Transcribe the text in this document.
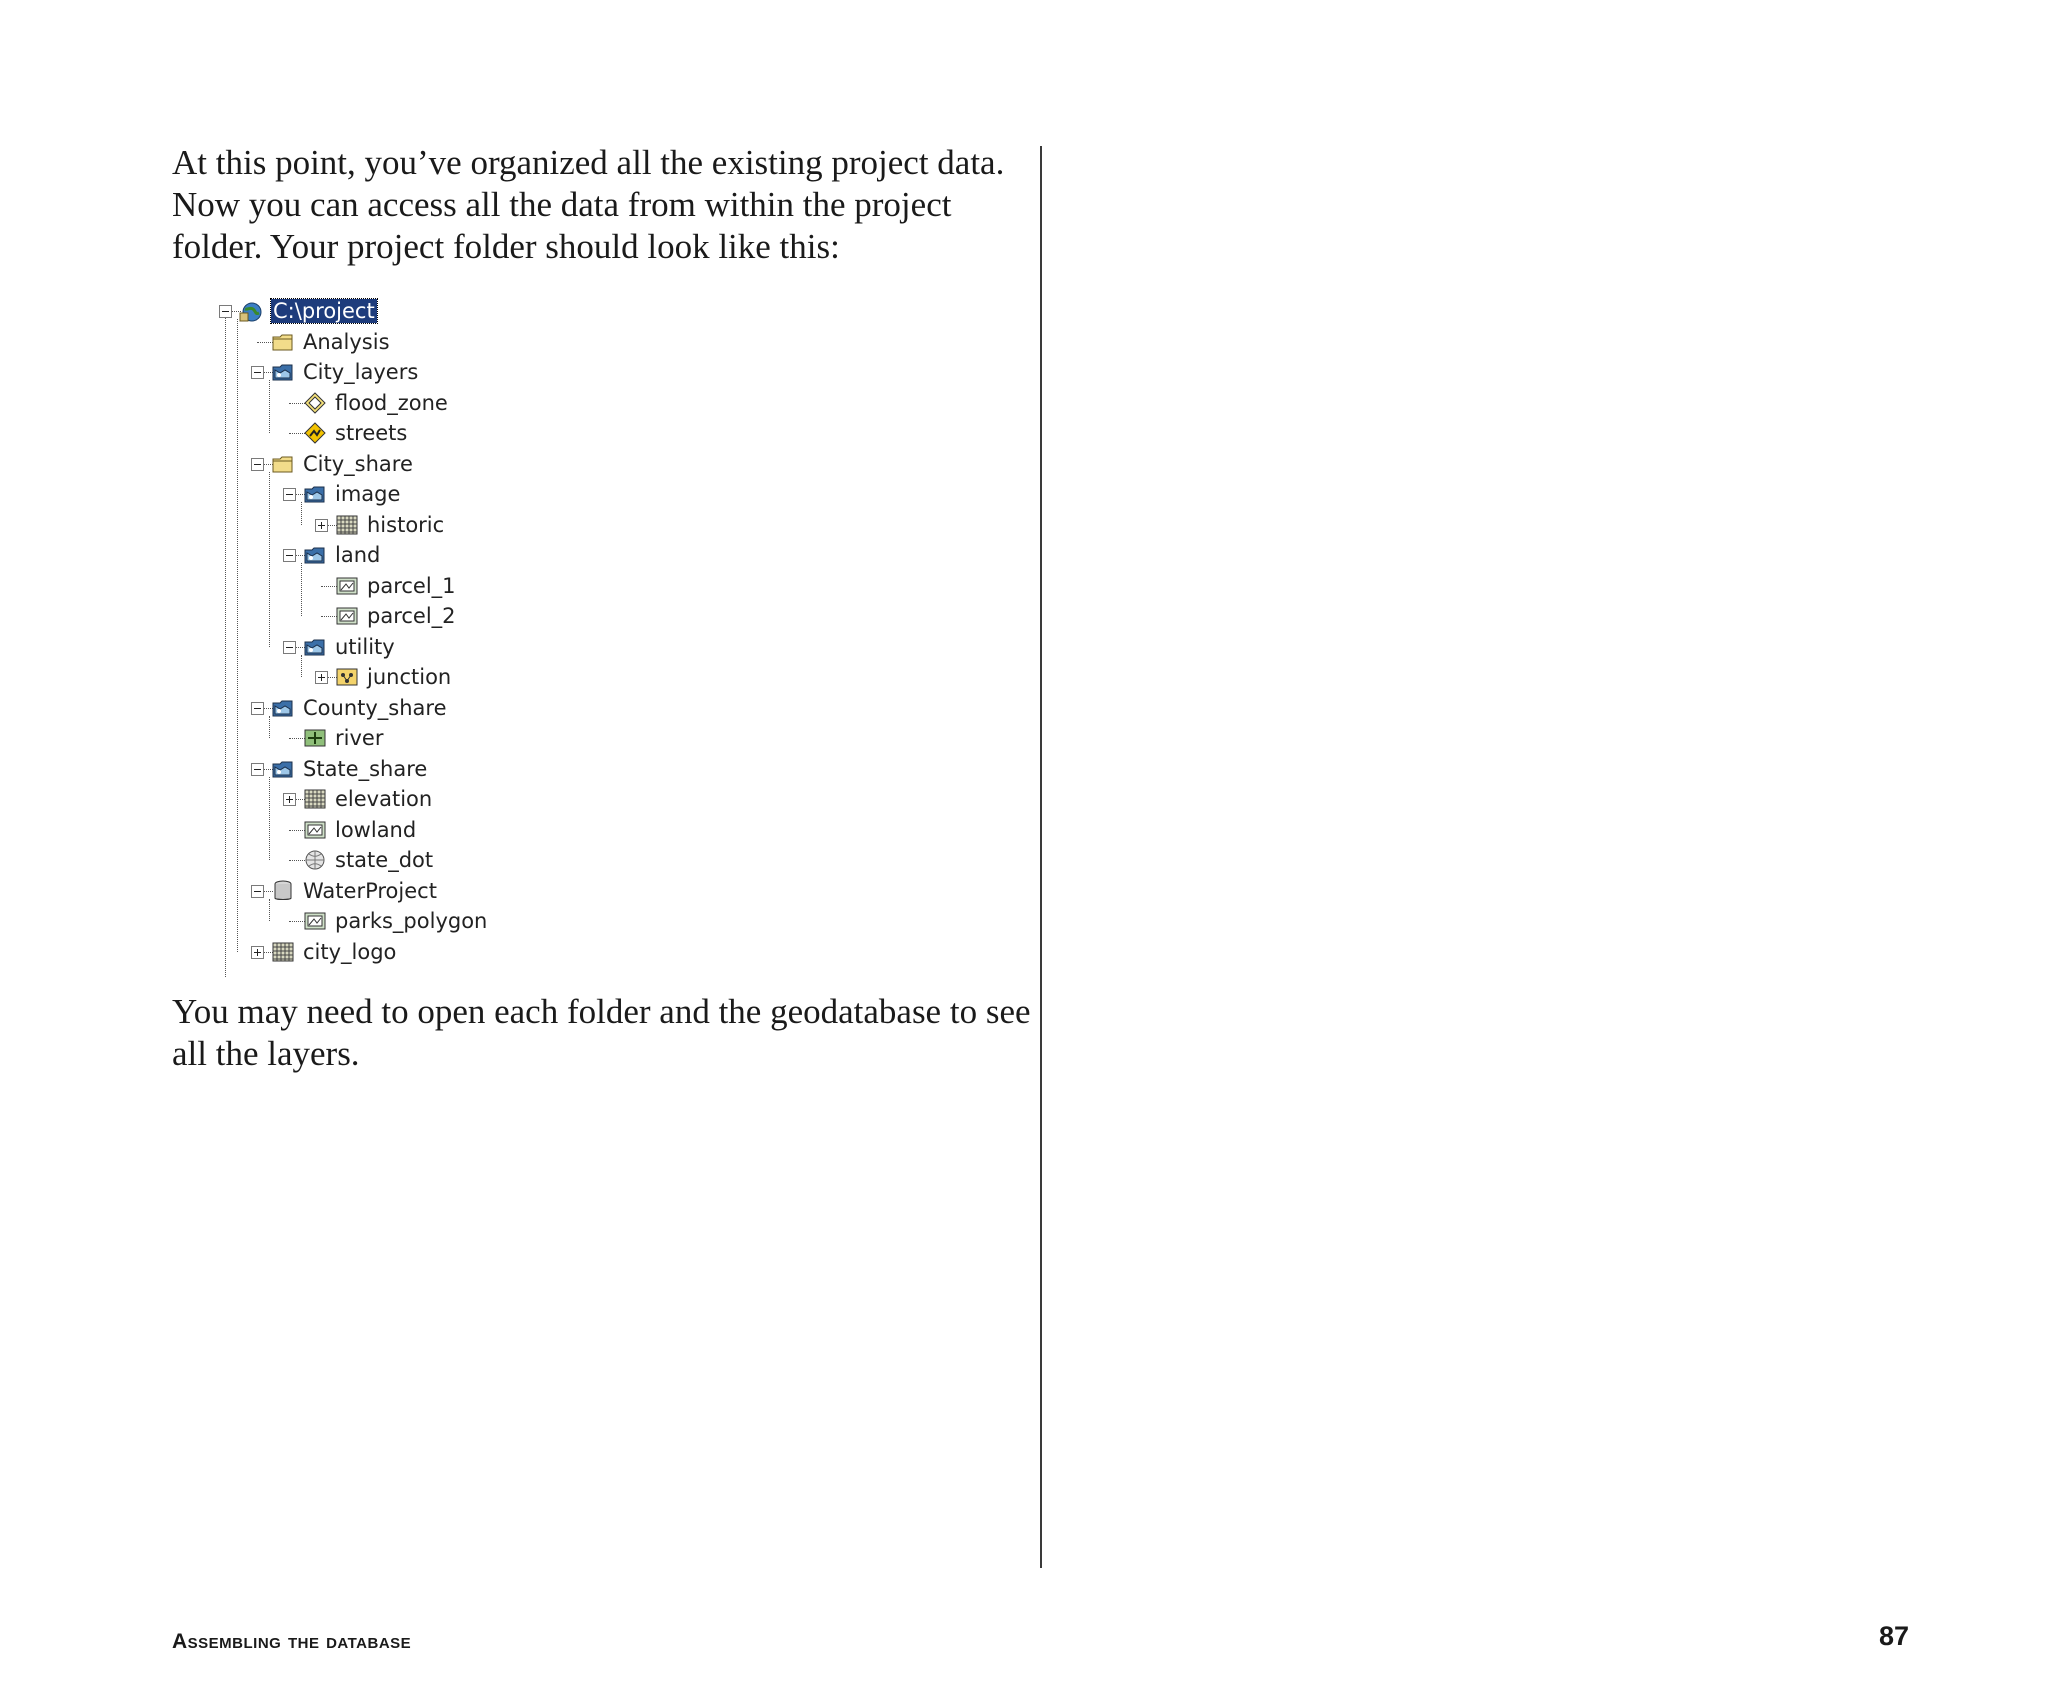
At this point, you’ve organized all the existing project data. Now you can access all the data from within the project folder. Your project folder should look like this:

C:\project
Analysis
City_layers
flood_zone
streets
City_share
image
historic
land
parcel_1
parcel_2
utility
junction
County_share
river
State_share
elevation
lowland
state_dot
WaterProject
parks_polygon
city_logo

You may need to open each folder and the geodatabase to see all the layers.

assembling the database	87
